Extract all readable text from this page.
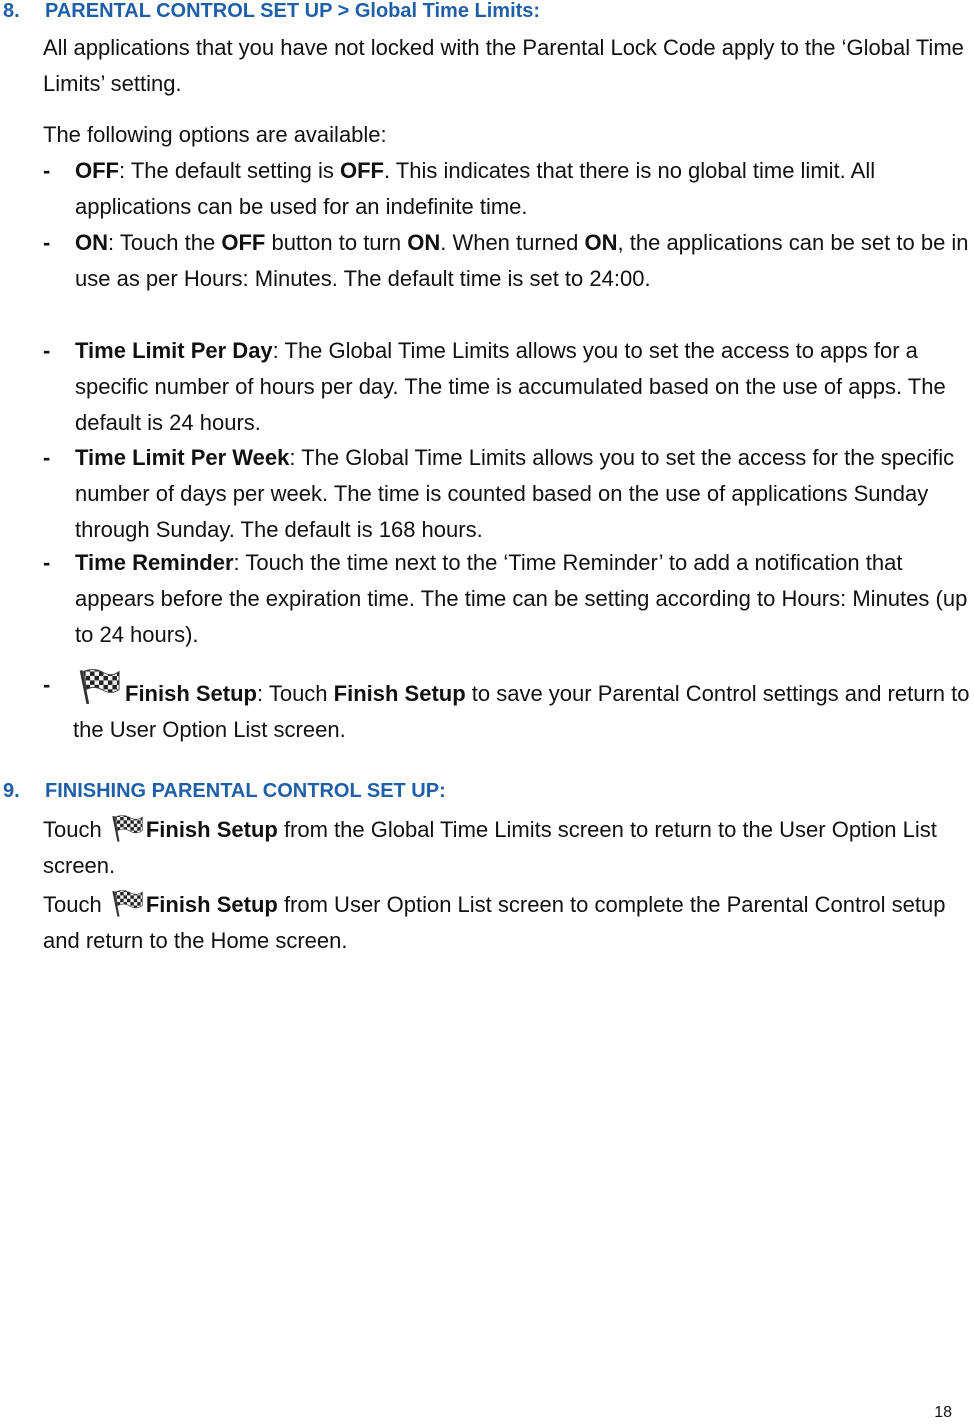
8. PARENTAL CONTROL SET UP > Global Time Limits:
All applications that you have not locked with the Parental Lock Code apply to the ‘Global Time Limits’ setting.
The following options are available:
- OFF: The default setting is OFF. This indicates that there is no global time limit. All applications can be used for an indefinite time.
- ON: Touch the OFF button to turn ON. When turned ON, the applications can be set to be in use as per Hours: Minutes. The default time is set to 24:00.
- Time Limit Per Day: The Global Time Limits allows you to set the access to apps for a specific number of hours per day. The time is accumulated based on the use of apps. The default is 24 hours.
- Time Limit Per Week: The Global Time Limits allows you to set the access for the specific number of days per week. The time is counted based on the use of applications Sunday through Sunday. The default is 168 hours.
- Time Reminder: Touch the time next to the ‘Time Reminder’ to add a notification that appears before the expiration time. The time can be setting according to Hours: Minutes (up to 24 hours).
-	Finish Setup: Touch Finish Setup to save your Parental Control settings and return to the User Option List screen.
9. FINISHING PARENTAL CONTROL SET UP:
Touch Finish Setup from the Global Time Limits screen to return to the User Option List screen.
Touch Finish Setup from User Option List screen to complete the Parental Control setup and return to the Home screen.
18
